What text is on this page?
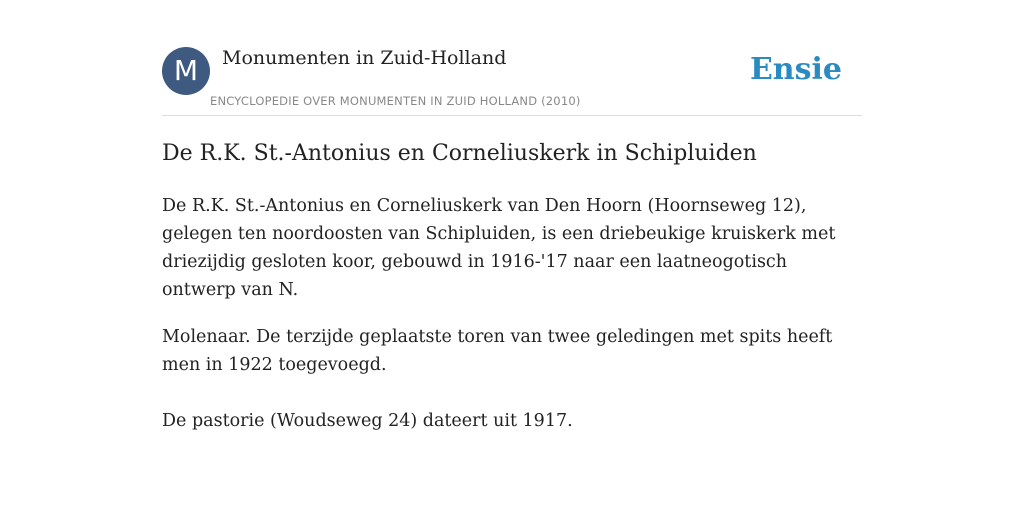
M	Monumenten in Zuid-Holland
ENCYCLOPEDIE OVER MONUMENTEN IN ZUID HOLLAND (2010)
Ensie
De R.K. St.-Antonius en Corneliuskerk in Schipluiden

De R.K. St.-Antonius en Corneliuskerk van Den Hoorn (Hoornseweg 12), gelegen ten noordoosten van Schipluiden, is een driebeukige kruiskerk met driezijdig gesloten koor, gebouwd in 1916-'17 naar een laatneogotisch ontwerp van N.

Molenaar. De terzijde geplaatste toren van twee geledingen met spits heeft men in 1922 toegevoegd.

De pastorie (Woudseweg 24) dateert uit 1917.
